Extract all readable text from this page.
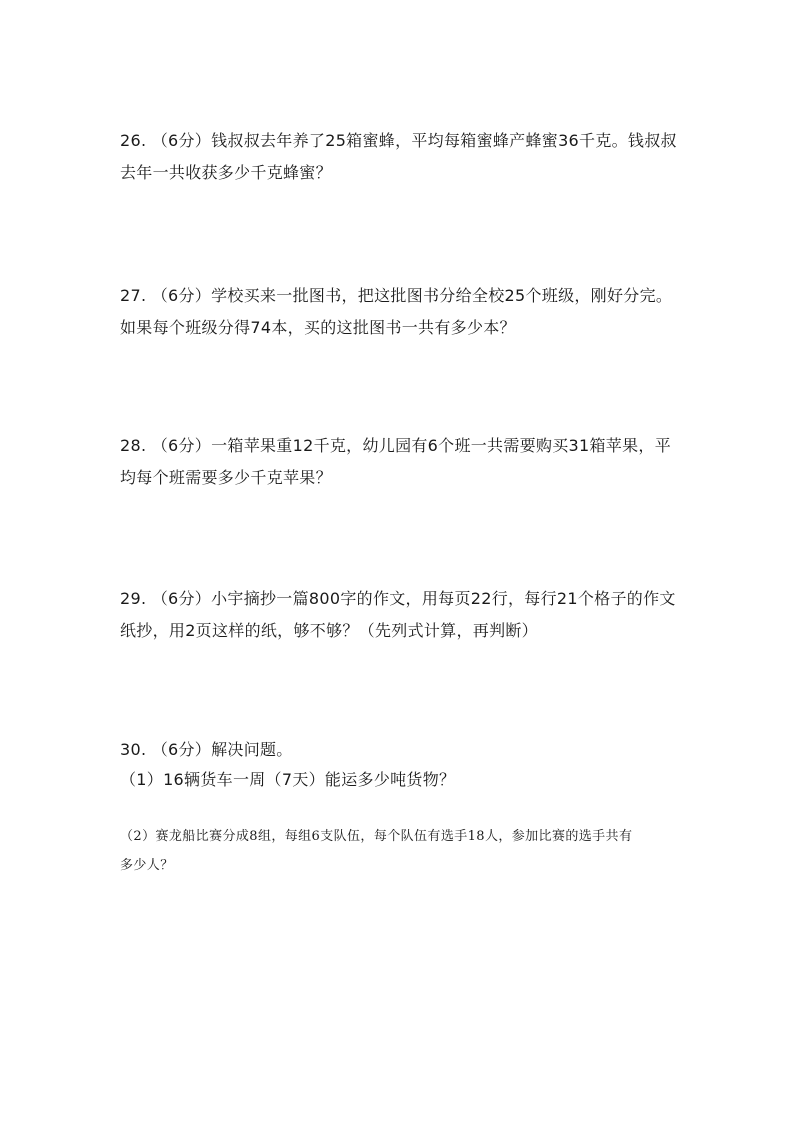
26. （6分）钱叔叔去年养了25箱蜜蜂，平均每箱蜜蜂产蜂蜜36千克。钱叔叔

去年一共收获多少千克蜂蜜？

27. （6分）学校买来一批图书，把这批图书分给全校25个班级，刚好分完。

如果每个班级分得74本，买的这批图书一共有多少本？

28. （6分）一箱苹果重12千克，幼儿园有6个班一共需要购买31箱苹果，平

均每个班需要多少千克苹果？

29. （6分）小宇摘抄一篇800字的作文，用每页22行，每行21个格子的作文

纸抄，用2页这样的纸，够不够？（先列式计算，再判断）

30. （6分）解决问题。

（1）16辆货车一周（7天）能运多少吨货物？

（2）赛龙船比赛分成8组，每组6支队伍，每个队伍有选手18人，参加比赛的选手共有

多少人？
